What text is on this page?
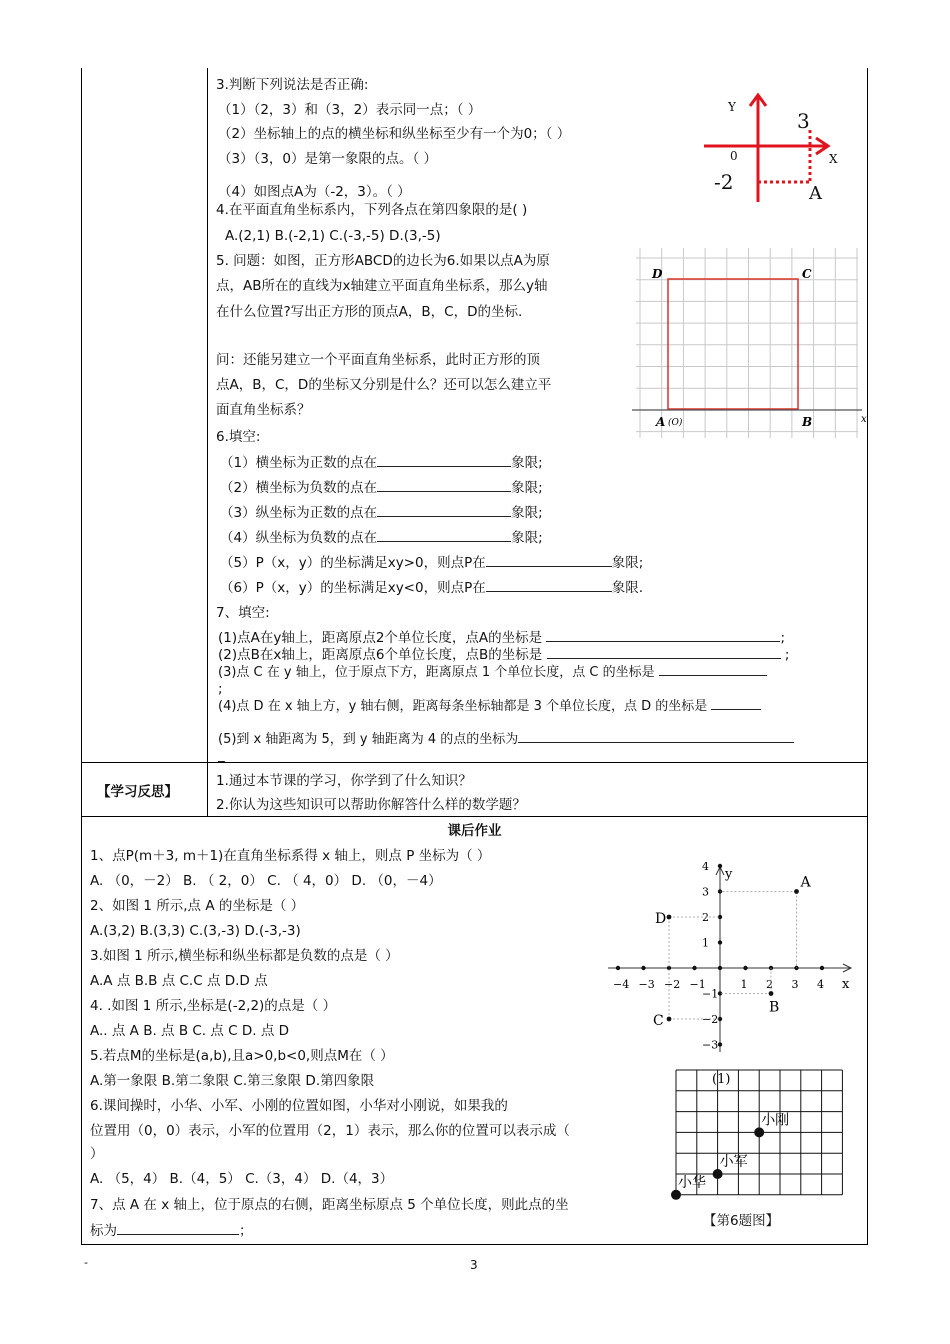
3.判断下列说法是否正确:
（1）（2，3）和（3，2）表示同一点；（ ）
（2）坐标轴上的点的横坐标和纵坐标至少有一个为0；（ ）
（3）（3，0）是第一象限的点。（ ）
（4）如图点A为（-2，3）。（ ）
Y
X
0
3
-2	A
4.在平面直角坐标系内，下列各点在第四象限的是( )
A.(2,1) B.(-2,1) C.(-3,-5) D.(3,-5)
5. 问题：如图，正方形ABCD的边长为6.如果以点A为原
点，AB所在的直线为x轴建立平面直角坐标系，那么y轴
在什么位置?写出正方形的顶点A，B，C，D的坐标.
问：还能另建立一个平面直角坐标系，此时正方形的顶
点A，B，C，D的坐标又分别是什么？还可以怎么建立平
面直角坐标系？
D	C
A (O)	B	x
6.填空:
（1）横坐标为正数的点在	象限;
（2）横坐标为负数的点在	象限;
（3）纵坐标为正数的点在	象限;
（4）纵坐标为负数的点在	象限;
（5）P（x，y）的坐标满足xy>0，则点P在	象限;
（6）P（x，y）的坐标满足xy<0，则点P在	象限.
7、填空:
(1)点A在y轴上，距离原点2个单位长度，点A的坐标是	;
(2)点B在x轴上，距离原点6个单位长度，点B的坐标是	;
(3)点 C 在 y 轴上，位于原点下方，距离原点 1 个单位长度，点 C 的坐标是
;
(4)点 D 在 x 轴上方，y 轴右侧，距离每条坐标轴都是 3 个单位长度，点 D 的坐标是
(5)到 x 轴距离为 5，到 y 轴距离为 4 的点的坐标为
_
【学习反思】
1.通过本节课的学习，你学到了什么知识？
2.你认为这些知识可以帮助你解答什么样的数学题？
课后作业
1、点P(m＋3, m＋1)在直角坐标系得 x 轴上，则点 P 坐标为（ ）
A. （0，－2） B. （ 2，0） C. （ 4，0） D. （0，－4）
2、如图 1 所示,点 A 的坐标是（ ）
A.(3,2) B.(3,3) C.(3,-3) D.(-3,-3)
3.如图 1 所示,横坐标和纵坐标都是负数的点是（ ）
A.A 点 B.B 点 C.C 点 D.D 点
4. .如图 1 所示,坐标是(-2,2)的点是（ ）
A.. 点 A B. 点 B C. 点 C D. 点 D
5.若点M的坐标是(a,b),且a>0,b<0,则点M在（ ）
A.第一象限 B.第二象限 C.第三象限 D.第四象限
6.课间操时，小华、小军、小刚的位置如图，小华对小刚说，如果我的
位置用（0，0）表示，小军的位置用（2，1）表示，那么你的位置可以表示成（
）
A. （5，4） B.（4，5） C.（3，4） D.（4，3）
7、点 A 在 x 轴上，位于原点的右侧，距离坐标原点 5 个单位长度，则此点的坐
标为	；
x
y
−4 −3 −2 −1	1 2 3 4
4
3
2
1
−1
−2
−3
A
B
C
D
小华
小军
小刚
(1)
【第6题图】
-	3
